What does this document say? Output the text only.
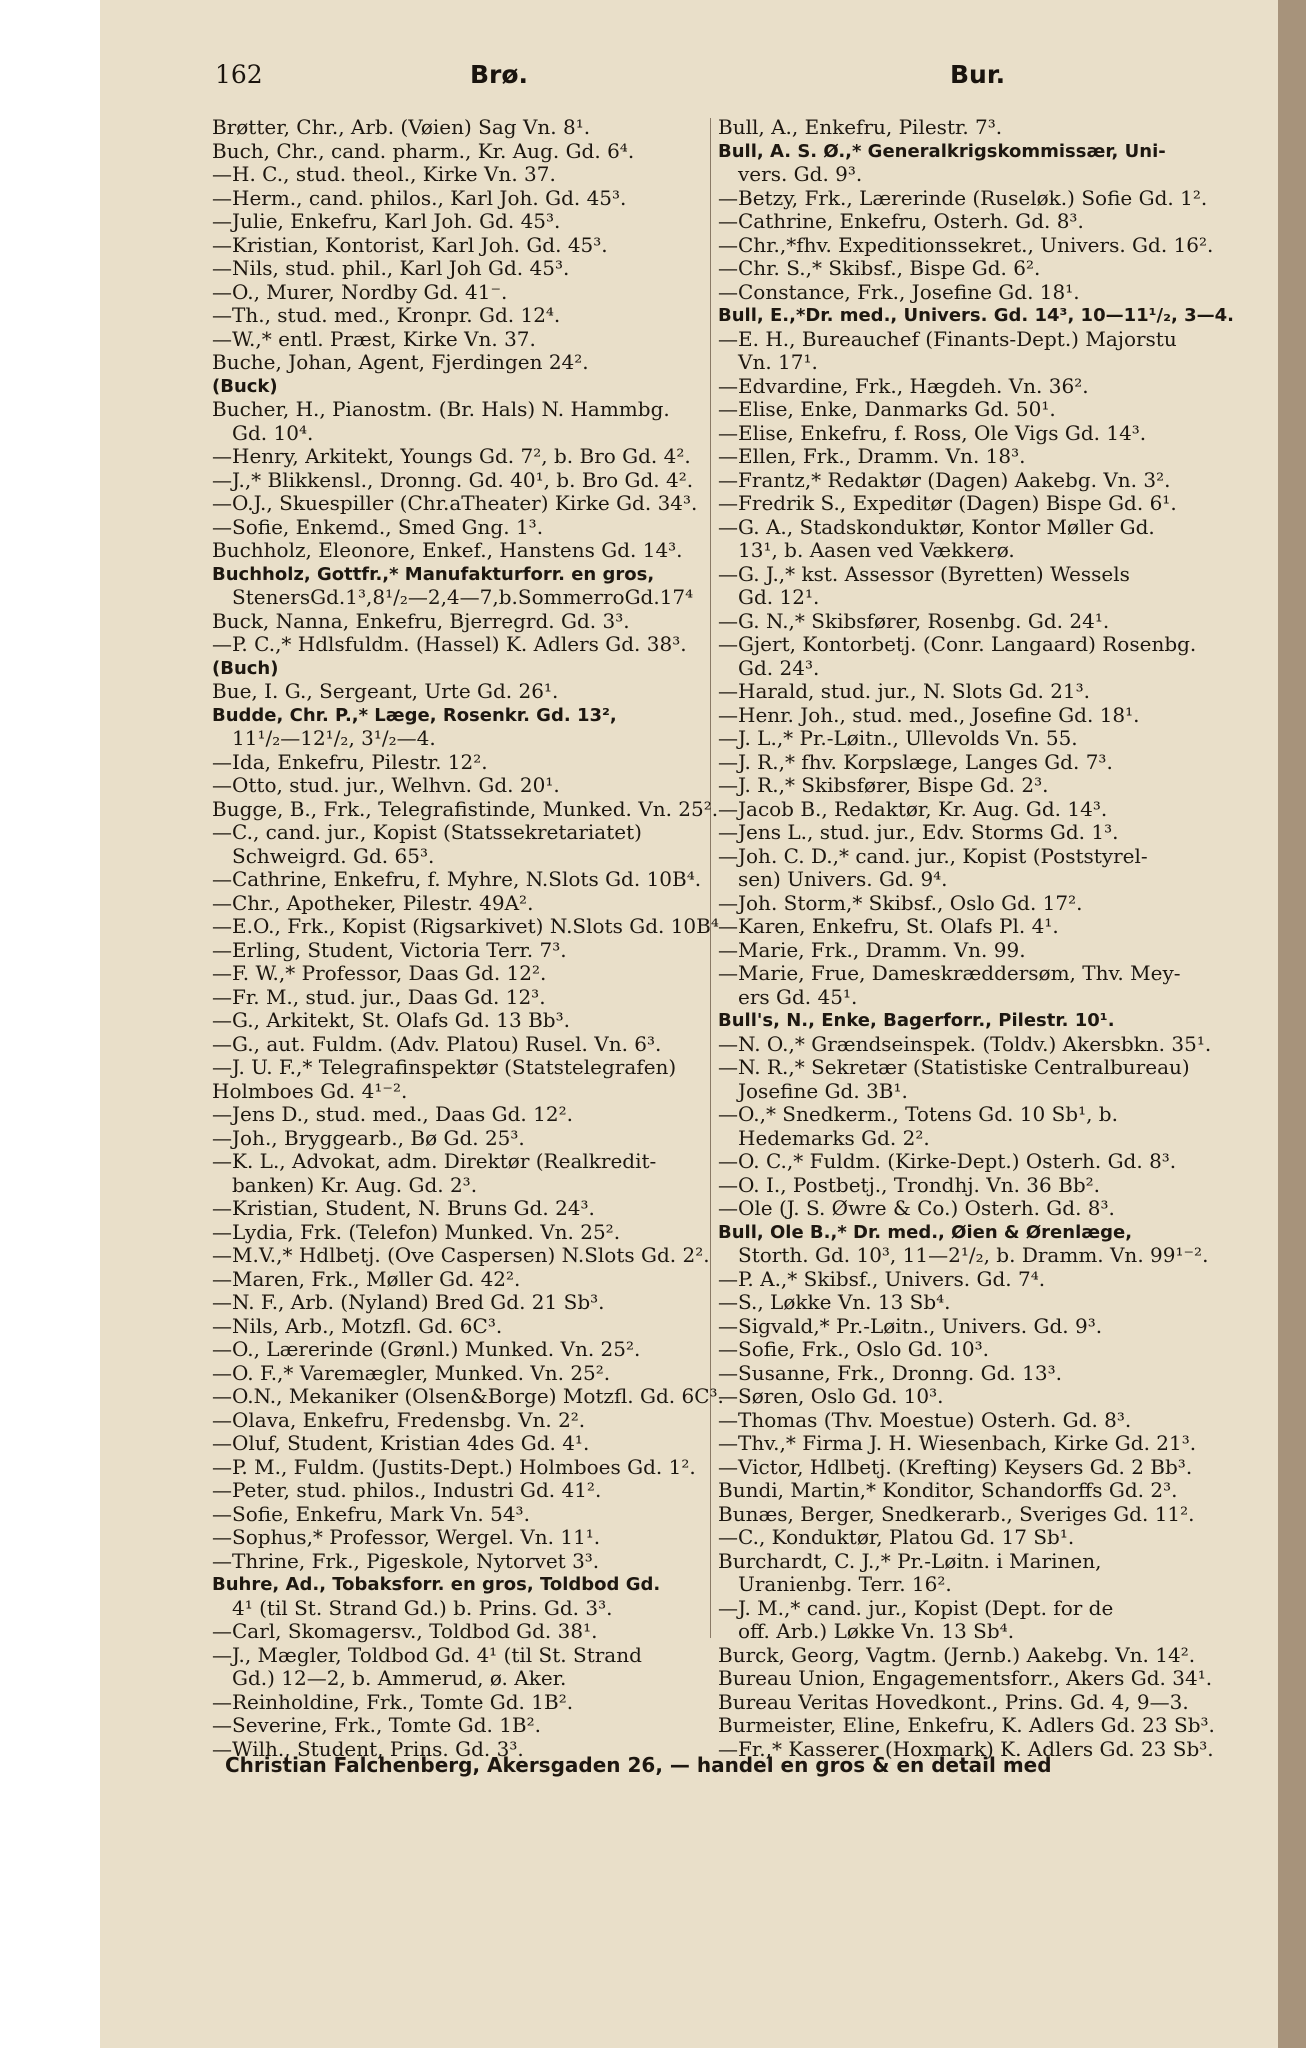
162	Brø.	Bur.
Brøtter, Chr., Arb. (Vøien) Sag Vn. 8¹.
Buch, Chr., cand. pharm., Kr. Aug. Gd. 6⁴.
—H. C., stud. theol., Kirke Vn. 37.
—Herm., cand. philos., Karl Joh. Gd. 45³.
—Julie, Enkefru, Karl Joh. Gd. 45³.
—Kristian, Kontorist, Karl Joh. Gd. 45³.
—Nils, stud. phil., Karl Joh Gd. 45³.
—O., Murer, Nordby Gd. 41⁻.
—Th., stud. med., Kronpr. Gd. 12⁴.
—W.,* entl. Præst, Kirke Vn. 37.
Buche, Johan, Agent, Fjerdingen 24².
(Buck)
Bucher, H., Pianostm. (Br. Hals) N. Hammbg.
Gd. 10⁴.
—Henry, Arkitekt, Youngs Gd. 7², b. Bro Gd. 4².
—J.,* Blikkensl., Dronng. Gd. 40¹, b. Bro Gd. 4².
—O.J., Skuespiller (Chr.aTheater) Kirke Gd. 34³.
—Sofie, Enkemd., Smed Gng. 1³.
Buchholz, Eleonore, Enkef., Hanstens Gd. 14³.
Buchholz, Gottfr.,* Manufakturforr. en gros,
StenersGd.1³,8¹/₂—2,4—7,b.SommerroGd.17⁴
Buck, Nanna, Enkefru, Bjerregrd. Gd. 3³.
—P. C.,* Hdlsfuldm. (Hassel) K. Adlers Gd. 38³.
(Buch)
Bue, I. G., Sergeant, Urte Gd. 26¹.
Budde, Chr. P.,* Læge, Rosenkr. Gd. 13²,
11¹/₂—12¹/₂, 3¹/₂—4.
—Ida, Enkefru, Pilestr. 12².
—Otto, stud. jur., Welhvn. Gd. 20¹.
Bugge, B., Frk., Telegrafistinde, Munked. Vn. 25².
—C., cand. jur., Kopist (Statssekretariatet)
Schweigrd. Gd. 65³.
—Cathrine, Enkefru, f. Myhre, N.Slots Gd. 10B⁴.
—Chr., Apotheker, Pilestr. 49A².
—E.O., Frk., Kopist (Rigsarkivet) N.Slots Gd. 10B⁴
—Erling, Student, Victoria Terr. 7³.
—F. W.,* Professor, Daas Gd. 12².
—Fr. M., stud. jur., Daas Gd. 12³.
—G., Arkitekt, St. Olafs Gd. 13 Bb³.
—G., aut. Fuldm. (Adv. Platou) Rusel. Vn. 6³.
—J. U. F.,* Telegrafinspektør (Statstelegrafen)
Holmboes Gd. 4¹⁻².
—Jens D., stud. med., Daas Gd. 12².
—Joh., Bryggearb., Bø Gd. 25³.
—K. L., Advokat, adm. Direktør (Realkredit-
banken) Kr. Aug. Gd. 2³.
—Kristian, Student, N. Bruns Gd. 24³.
—Lydia, Frk. (Telefon) Munked. Vn. 25².
—M.V.,* Hdlbetj. (Ove Caspersen) N.Slots Gd. 2².
—Maren, Frk., Møller Gd. 42².
—N. F., Arb. (Nyland) Bred Gd. 21 Sb³.
—Nils, Arb., Motzfl. Gd. 6C³.
—O., Lærerinde (Grønl.) Munked. Vn. 25².
—O. F.,* Varemægler, Munked. Vn. 25².
—O.N., Mekaniker (Olsen&Borge) Motzfl. Gd. 6C³.
—Olava, Enkefru, Fredensbg. Vn. 2².
—Oluf, Student, Kristian 4des Gd. 4¹.
—P. M., Fuldm. (Justits-Dept.) Holmboes Gd. 1².
—Peter, stud. philos., Industri Gd. 41².
—Sofie, Enkefru, Mark Vn. 54³.
—Sophus,* Professor, Wergel. Vn. 11¹.
—Thrine, Frk., Pigeskole, Nytorvet 3³.
Buhre, Ad., Tobaksforr. en gros, Toldbod Gd.
4¹ (til St. Strand Gd.) b. Prins. Gd. 3³.
—Carl, Skomagersv., Toldbod Gd. 38¹.
—J., Mægler, Toldbod Gd. 4¹ (til St. Strand
Gd.) 12—2, b. Ammerud, ø. Aker.
—Reinholdine, Frk., Tomte Gd. 1B².
—Severine, Frk., Tomte Gd. 1B².
—Wilh., Student, Prins. Gd. 3³.
Bull, A., Enkefru, Pilestr. 7³.
Bull, A. S. Ø.,* Generalkrigskommissær, Uni-
vers. Gd. 9³.
—Betzy, Frk., Lærerinde (Ruseløk.) Sofie Gd. 1².
—Cathrine, Enkefru, Osterh. Gd. 8³.
—Chr.,*fhv. Expeditionssekret., Univers. Gd. 16².
—Chr. S.,* Skibsf., Bispe Gd. 6².
—Constance, Frk., Josefine Gd. 18¹.
Bull, E.,*Dr. med., Univers. Gd. 14³, 10—11¹/₂, 3—4.
—E. H., Bureauchef (Finants-Dept.) Majorstu
Vn. 17¹.
—Edvardine, Frk., Hægdeh. Vn. 36².
—Elise, Enke, Danmarks Gd. 50¹.
—Elise, Enkefru, f. Ross, Ole Vigs Gd. 14³.
—Ellen, Frk., Dramm. Vn. 18³.
—Frantz,* Redaktør (Dagen) Aakebg. Vn. 3².
—Fredrik S., Expeditør (Dagen) Bispe Gd. 6¹.
—G. A., Stadskonduktør, Kontor Møller Gd.
13¹, b. Aasen ved Vækkerø.
—G. J.,* kst. Assessor (Byretten) Wessels
Gd. 12¹.
—G. N.,* Skibsfører, Rosenbg. Gd. 24¹.
—Gjert, Kontorbetj. (Conr. Langaard) Rosenbg.
Gd. 24³.
—Harald, stud. jur., N. Slots Gd. 21³.
—Henr. Joh., stud. med., Josefine Gd. 18¹.
—J. L.,* Pr.-Løitn., Ullevolds Vn. 55.
—J. R.,* fhv. Korpslæge, Langes Gd. 7³.
—J. R.,* Skibsfører, Bispe Gd. 2³.
—Jacob B., Redaktør, Kr. Aug. Gd. 14³.
—Jens L., stud. jur., Edv. Storms Gd. 1³.
—Joh. C. D.,* cand. jur., Kopist (Poststyrel-
sen) Univers. Gd. 9⁴.
—Joh. Storm,* Skibsf., Oslo Gd. 17².
—Karen, Enkefru, St. Olafs Pl. 4¹.
—Marie, Frk., Dramm. Vn. 99.
—Marie, Frue, Dameskræddersøm, Thv. Mey-
ers Gd. 45¹.
Bull's, N., Enke, Bagerforr., Pilestr. 10¹.
—N. O.,* Grændseinspek. (Toldv.) Akersbkn. 35¹.
—N. R.,* Sekretær (Statistiske Centralbureau)
Josefine Gd. 3B¹.
—O.,* Snedkerm., Totens Gd. 10 Sb¹, b.
Hedemarks Gd. 2².
—O. C.,* Fuldm. (Kirke-Dept.) Osterh. Gd. 8³.
—O. I., Postbetj., Trondhj. Vn. 36 Bb².
—Ole (J. S. Øwre & Co.) Osterh. Gd. 8³.
Bull, Ole B.,* Dr. med., Øien & Ørenlæge,
Storth. Gd. 10³, 11—2¹/₂, b. Dramm. Vn. 99¹⁻².
—P. A.,* Skibsf., Univers. Gd. 7⁴.
—S., Løkke Vn. 13 Sb⁴.
—Sigvald,* Pr.-Løitn., Univers. Gd. 9³.
—Sofie, Frk., Oslo Gd. 10³.
—Susanne, Frk., Dronng. Gd. 13³.
—Søren, Oslo Gd. 10³.
—Thomas (Thv. Moestue) Osterh. Gd. 8³.
—Thv.,* Firma J. H. Wiesenbach, Kirke Gd. 21³.
—Victor, Hdlbetj. (Krefting) Keysers Gd. 2 Bb³.
Bundi, Martin,* Konditor, Schandorffs Gd. 2³.
Bunæs, Berger, Snedkerarb., Sveriges Gd. 11².
—C., Konduktør, Platou Gd. 17 Sb¹.
Burchardt, C. J.,* Pr.-Løitn. i Marinen,
Uranienbg. Terr. 16².
—J. M.,* cand. jur., Kopist (Dept. for de
off. Arb.) Løkke Vn. 13 Sb⁴.
Burck, Georg, Vagtm. (Jernb.) Aakebg. Vn. 14².
Bureau Union, Engagementsforr., Akers Gd. 34¹.
Bureau Veritas Hovedkont., Prins. Gd. 4, 9—3.
Burmeister, Eline, Enkefru, K. Adlers Gd. 23 Sb³.
—Fr.,* Kasserer (Hoxmark) K. Adlers Gd. 23 Sb³.
Christian Falchenberg, Akersgaden 26, — handel en gros & en detail med
